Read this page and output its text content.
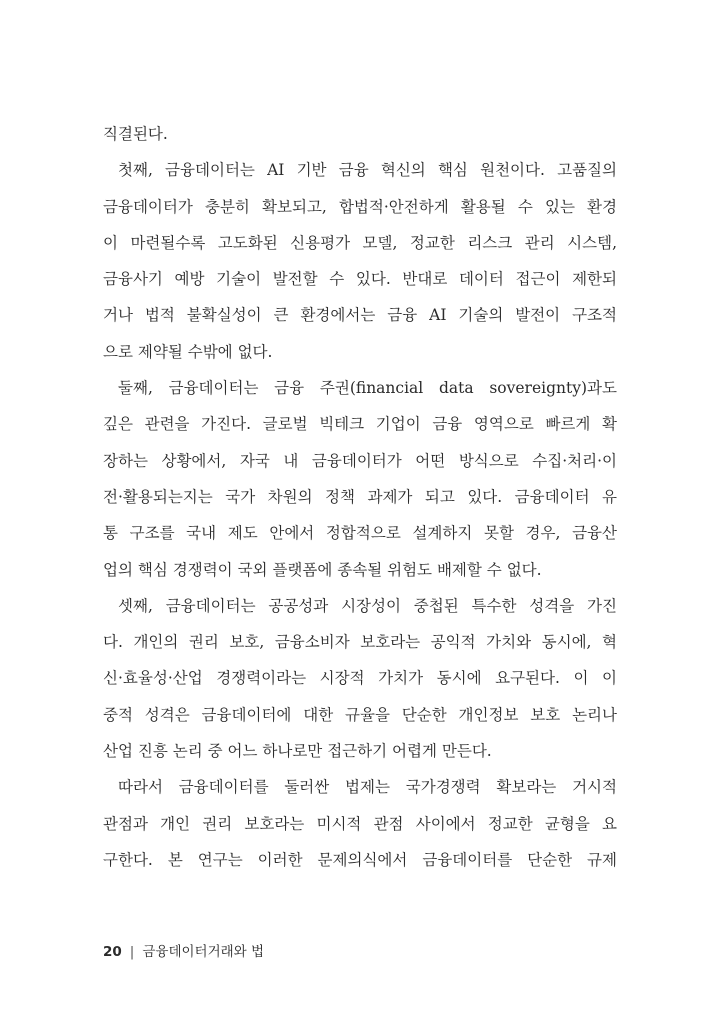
직결된다.
첫째, 금융데이터는 AI 기반 금융 혁신의 핵심 원천이다. 고품질의
금융데이터가 충분히 확보되고, 합법적·안전하게 활용될 수 있는 환경
이 마련될수록 고도화된 신용평가 모델, 정교한 리스크 관리 시스템,
금융사기 예방 기술이 발전할 수 있다. 반대로 데이터 접근이 제한되
거나 법적 불확실성이 큰 환경에서는 금융 AI 기술의 발전이 구조적
으로 제약될 수밖에 없다.
둘째, 금융데이터는 금융 주권(financial data sovereignty)과도
깊은 관련을 가진다. 글로벌 빅테크 기업이 금융 영역으로 빠르게 확
장하는 상황에서, 자국 내 금융데이터가 어떤 방식으로 수집·처리·이
전·활용되는지는 국가 차원의 정책 과제가 되고 있다. 금융데이터 유
통 구조를 국내 제도 안에서 정합적으로 설계하지 못할 경우, 금융산
업의 핵심 경쟁력이 국외 플랫폼에 종속될 위험도 배제할 수 없다.
셋째, 금융데이터는 공공성과 시장성이 중첩된 특수한 성격을 가진
다. 개인의 권리 보호, 금융소비자 보호라는 공익적 가치와 동시에, 혁
신·효율성·산업 경쟁력이라는 시장적 가치가 동시에 요구된다. 이 이
중적 성격은 금융데이터에 대한 규율을 단순한 개인정보 보호 논리나
산업 진흥 논리 중 어느 하나로만 접근하기 어렵게 만든다.
따라서 금융데이터를 둘러싼 법제는 국가경쟁력 확보라는 거시적
관점과 개인 권리 보호라는 미시적 관점 사이에서 정교한 균형을 요
구한다. 본 연구는 이러한 문제의식에서 금융데이터를 단순한 규제
20 | 금융데이터거래와 법
